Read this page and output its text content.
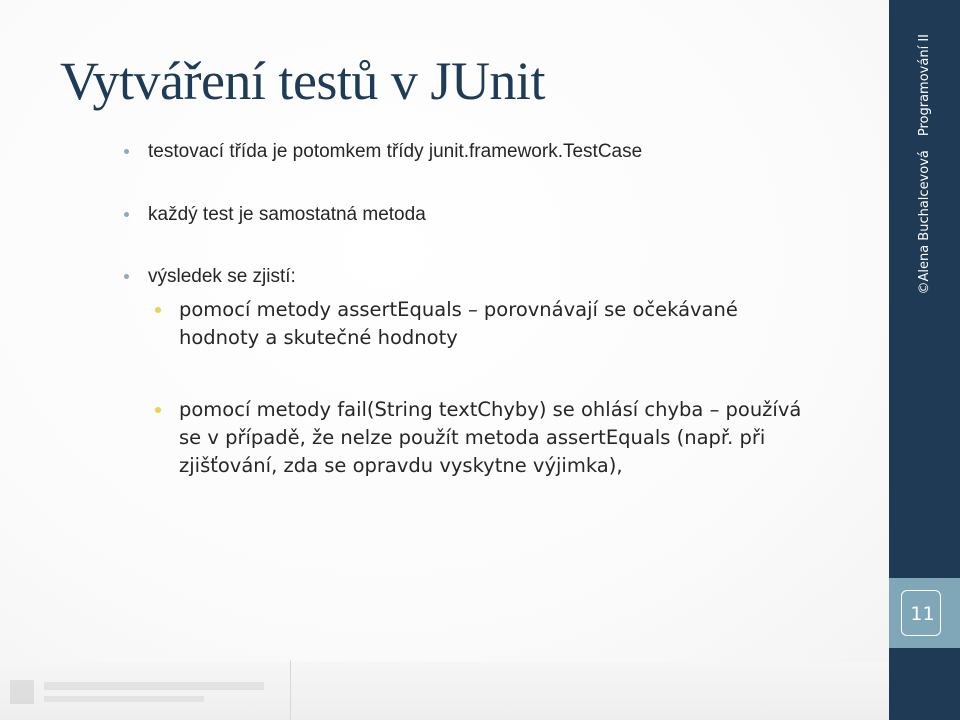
Vytváření testů v JUnit
testovací třída je potomkem třídy junit.framework.TestCase
každý test je samostatná metoda
výsledek se zjistí:
pomocí metody assertEquals – porovnávají se očekávané hodnoty a skutečné hodnoty
pomocí metody fail(String textChyby) se ohlásí chyba – používá se v případě, že nelze použít metoda assertEquals (např. při zjišťování, zda se opravdu vyskytne výjimka),
©Alena BuchalcevováProgramování II
11
